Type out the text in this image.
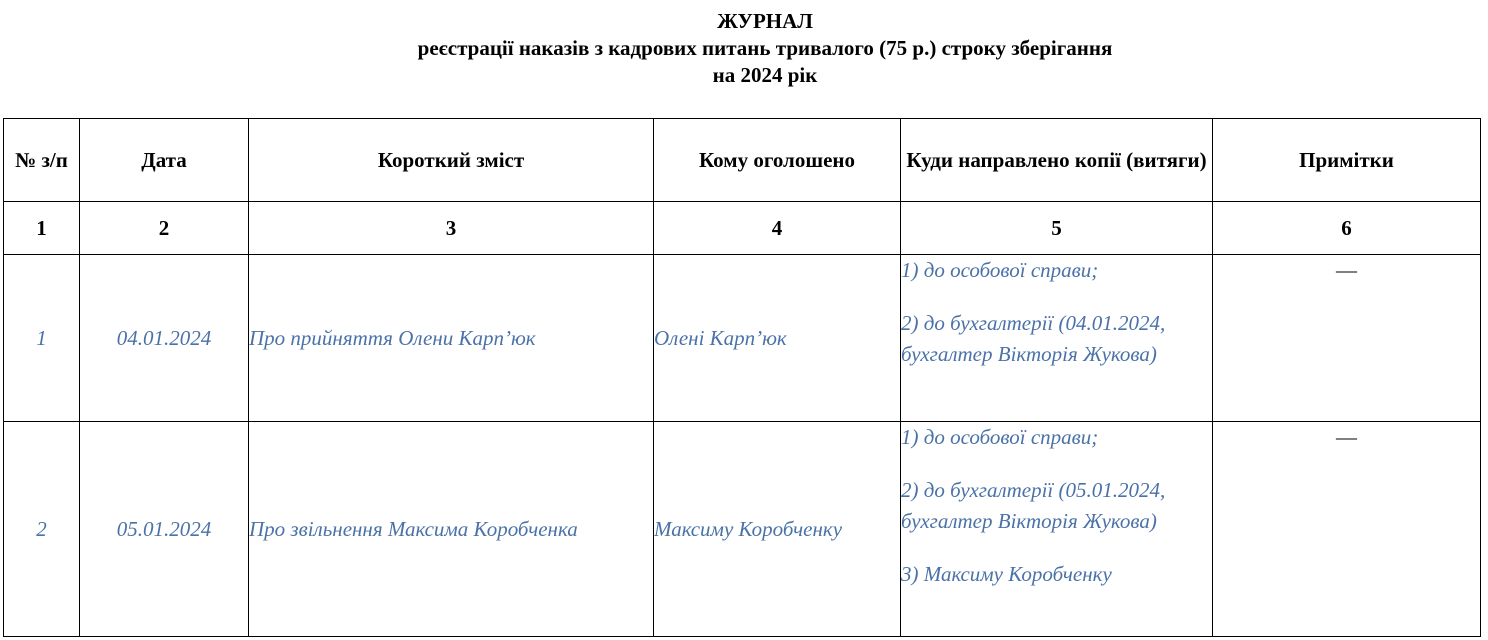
ЖУРНАЛ
реєстрації наказів з кадрових питань тривалого (75 р.) строку зберігання
на 2024 рік
№ з/п	Дата	Короткий зміст	Кому оголошено	Куди направлено копії (витяги)	Примітки
1	2	3	4	5	6
1	04.01.2024	Про прийняття Олени Карп’юк	Олені Карп’юк	1) до особової справи;

2) до бухгалтерії (04.01.2024, бухгалтер Вікторія Жукова)	—
2	05.01.2024	Про звільнення Максима Коробченка	Максиму Коробченку	1) до особової справи;

2) до бухгалтерії (05.01.2024, бухгалтер Вікторія Жукова)

3) Максиму Коробченку	—
